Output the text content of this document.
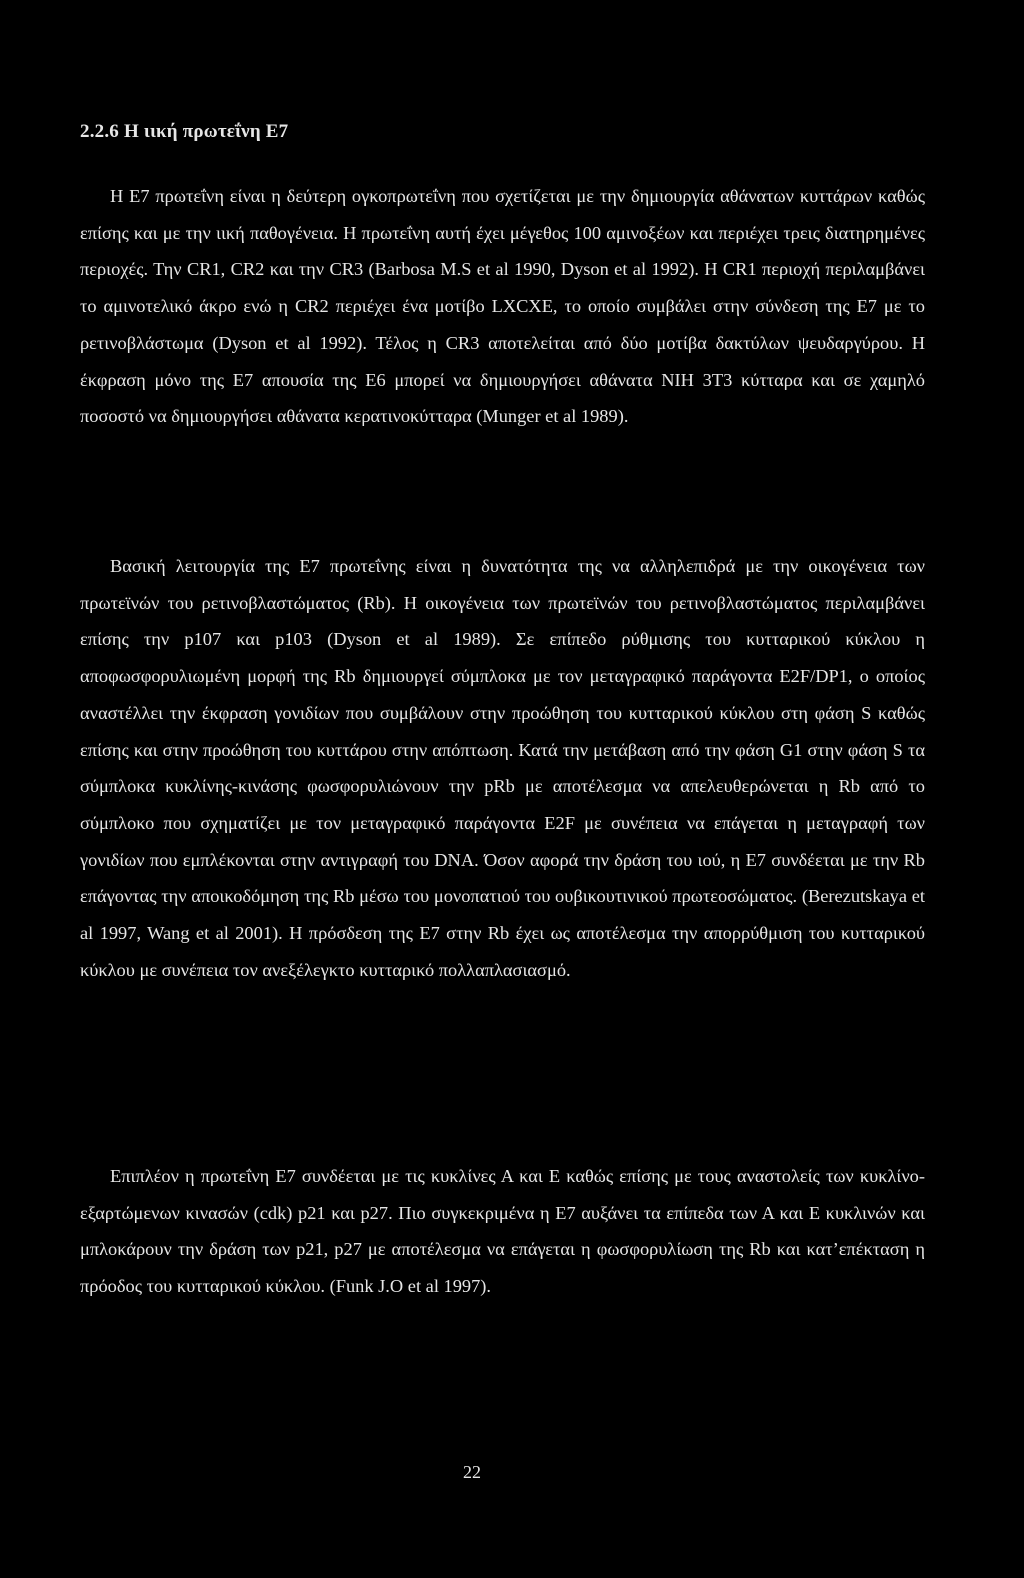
2.2.6 Η ιική πρωτεΐνη Ε7

Η Ε7 πρωτεΐνη είναι η δεύτερη ογκοπρωτεΐνη που σχετίζεται με την δημιουργία αθάνατων κυττάρων καθώς επίσης και με την ιική παθογένεια. Η πρωτεΐνη αυτή έχει μέγεθος 100 αμινοξέων και περιέχει τρεις διατηρημένες περιοχές. Την CR1, CR2 και την CR3 (Barbosa M.S et al 1990, Dyson et al 1992). Η CR1 περιοχή περιλαμβάνει το αμινοτελικό άκρο ενώ η CR2 περιέχει ένα μοτίβο LXCXE, το οποίο συμβάλει στην σύνδεση της Ε7 με το ρετινοβλάστωμα (Dyson et al 1992). Τέλος η CR3 αποτελείται από δύο μοτίβα δακτύλων ψευδαργύρου. Η έκφραση μόνο της Ε7 απουσία της Ε6 μπορεί να δημιουργήσει αθάνατα NIH 3T3 κύτταρα και σε χαμηλό ποσοστό να δημιουργήσει αθάνατα κερατινοκύτταρα (Munger et al 1989).

Βασική λειτουργία της Ε7 πρωτεΐνης είναι η δυνατότητα της να αλληλεπιδρά με την οικογένεια των πρωτεϊνών του ρετινοβλαστώματος (Rb). Η οικογένεια των πρωτεϊνών του ρετινοβλαστώματος περιλαμβάνει επίσης την p107 και p103 (Dyson et al 1989). Σε επίπεδο ρύθμισης του κυτταρικού κύκλου η αποφωσφορυλιωμένη μορφή της Rb δημιουργεί σύμπλοκα με τον μεταγραφικό παράγοντα E2F/DP1, ο οποίος αναστέλλει την έκφραση γονιδίων που συμβάλουν στην προώθηση του κυτταρικού κύκλου στη φάση S καθώς επίσης και στην προώθηση του κυττάρου στην απόπτωση. Κατά την μετάβαση από την φάση G1 στην φάση S τα σύμπλοκα κυκλίνης-κινάσης φωσφορυλιώνουν την pRb με αποτέλεσμα να απελευθερώνεται η Rb από το σύμπλοκο που σχηματίζει με τον μεταγραφικό παράγοντα E2F με συνέπεια να επάγεται η μεταγραφή των γονιδίων που εμπλέκονται στην αντιγραφή του DNA. Όσον αφορά την δράση του ιού, η Ε7 συνδέεται με την Rb επάγοντας την αποικοδόμηση της Rb μέσω του μονοπατιού του ουβικουτινικού πρωτεοσώματος. (Berezutskaya et al 1997, Wang et al 2001). Η πρόσδεση της Ε7 στην Rb έχει ως αποτέλεσμα την απορρύθμιση του κυτταρικού κύκλου με συνέπεια τον ανεξέλεγκτο κυτταρικό πολλαπλασιασμό.

Επιπλέον η πρωτεΐνη Ε7 συνδέεται με τις κυκλίνες Α και Ε καθώς επίσης με τους αναστολείς των κυκλίνο-εξαρτώμενων κινασών (cdk) p21 και p27. Πιο συγκεκριμένα η Ε7 αυξάνει τα επίπεδα των Α και Ε κυκλινών και μπλοκάρουν την δράση των p21, p27 με αποτέλεσμα να επάγεται η φωσφορυλίωση της Rb και κατ’επέκταση η πρόοδος του κυτταρικού κύκλου. (Funk J.O et al 1997).

22
